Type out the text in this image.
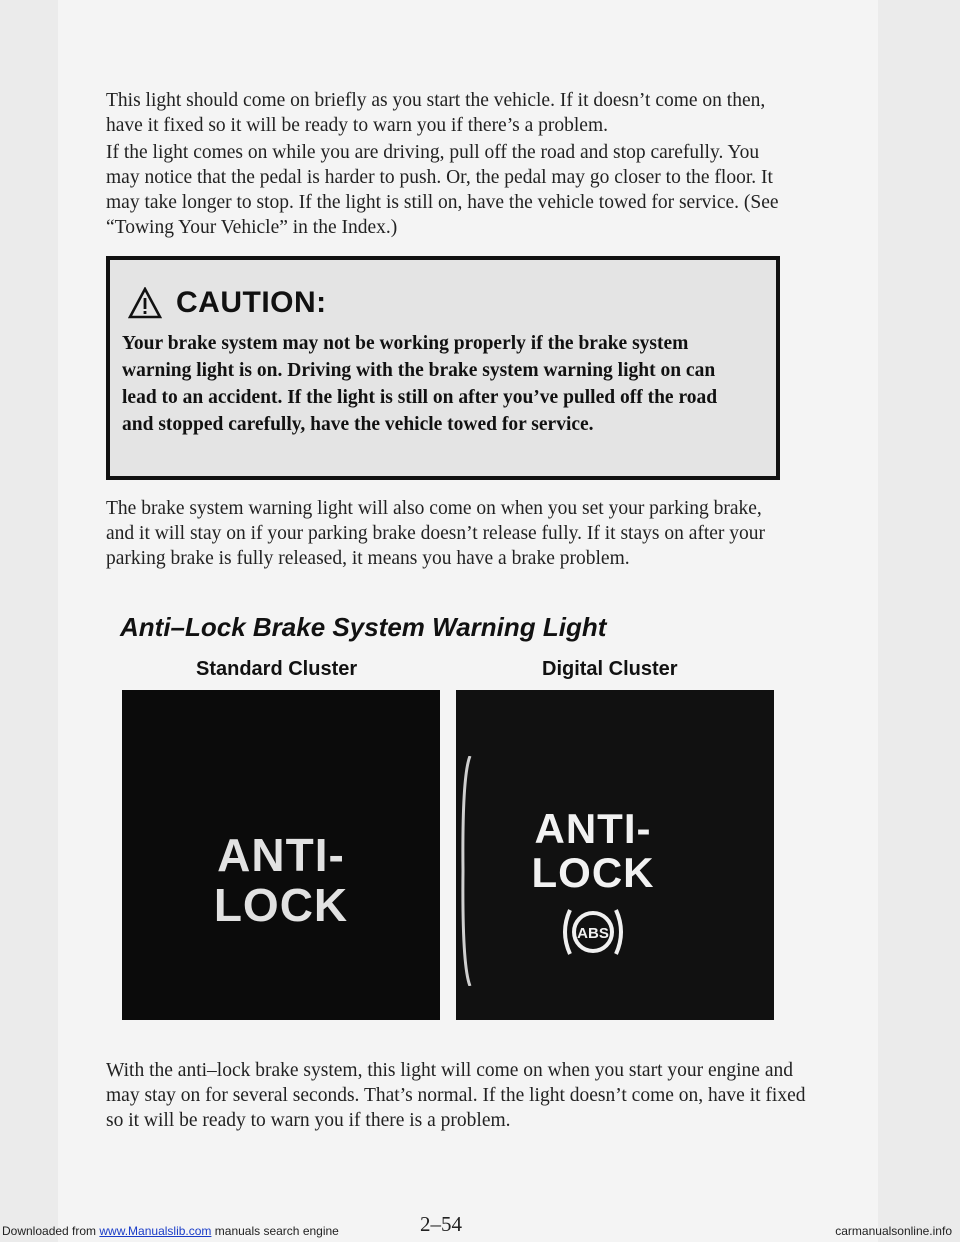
This light should come on briefly as you start the vehicle. If it doesn’t come on then, have it fixed so it will be ready to warn you if there’s a problem.

If the light comes on while you are driving, pull off the road and stop carefully. You may notice that the pedal is harder to push. Or, the pedal may go closer to the floor. It may take longer to stop. If the light is still on, have the vehicle towed for service. (See “Towing Your Vehicle” in the Index.)

CAUTION:
Your brake system may not be working properly if the brake system warning light is on. Driving with the brake system warning light on can lead to an accident. If the light is still on after you’ve pulled off the road and stopped carefully, have the vehicle towed for service.

The brake system warning light will also come on when you set your parking brake, and it will stay on if your parking brake doesn’t release fully. If it stays on after your parking brake is fully released, it means you have a brake problem.

Anti–Lock Brake System Warning Light
Standard Cluster	Digital Cluster
ANTI-
LOCK
ANTI-
LOCK
ABS

With the anti–lock brake system, this light will come on when you start your engine and may stay on for several seconds. That’s normal. If the light doesn’t come on, have it fixed so it will be ready to warn you if there is a problem.

2–54
Downloaded from www.Manualslib.com manuals search engine	carmanualsonline.info
